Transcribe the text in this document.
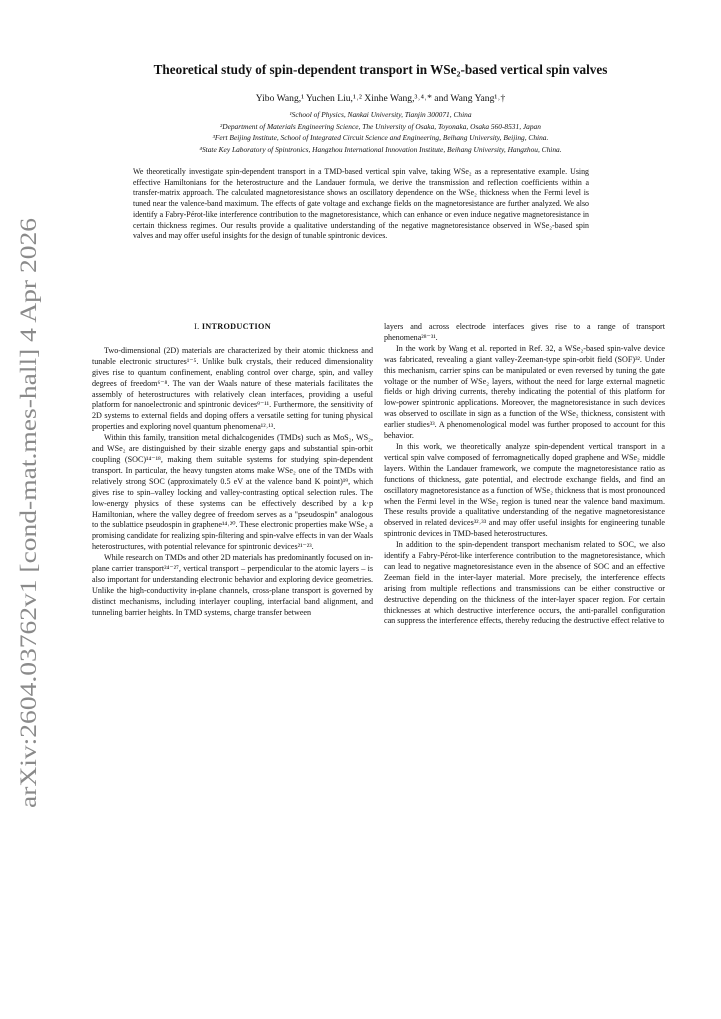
arXiv:2604.03762v1 [cond-mat.mes-hall] 4 Apr 2026
Theoretical study of spin-dependent transport in WSe₂-based vertical spin valves
Yibo Wang,¹ Yuchen Liu,¹˒² Xinhe Wang,³˒⁴˒* and Wang Yang¹˒†
¹School of Physics, Nankai University, Tianjin 300071, China
²Department of Materials Engineering Science, The University of Osaka, Toyonaka, Osaka 560-8531, Japan
³Fert Beijing Institute, School of Integrated Circuit Science and Engineering, Beihang University, Beijing, China.
⁴State Key Laboratory of Spintronics, Hangzhou International Innovation Institute, Beihang University, Hangzhou, China.

We theoretically investigate spin-dependent transport in a TMD-based vertical spin valve, taking WSe₂ as a representative example. Using effective Hamiltonians for the heterostructure and the Landauer formula, we derive the transmission and reflection coefficients within a transfer-matrix approach. The calculated magnetoresistance shows an oscillatory dependence on the WSe₂ thickness when the Fermi level is tuned near the valence-band maximum. The effects of gate voltage and exchange fields on the magnetoresistance are further analyzed. We also identify a Fabry-Pérot-like interference contribution to the magnetoresistance, which can enhance or even induce negative magnetoresistance in certain thickness regimes. Our results provide a qualitative understanding of the negative magnetoresistance observed in WSe₂-based spin valves and may offer useful insights for the design of tunable spintronic devices.

I. INTRODUCTION

Two-dimensional (2D) materials are characterized by their atomic thickness and tunable electronic structures¹⁻⁵. Unlike bulk crystals, their reduced dimensionality gives rise to quantum confinement, enabling control over charge, spin, and valley degrees of freedom⁶⁻⁸. The van der Waals nature of these materials facilitates the assembly of heterostructures with relatively clean interfaces, providing a useful platform for nanoelectronic and spintronic devices⁹⁻¹¹. Furthermore, the sensitivity of 2D systems to external fields and doping offers a versatile setting for tuning physical properties and exploring novel quantum phenomena¹²˒¹³.

Within this family, transition metal dichalcogenides (TMDs) such as MoS₂, WS₂, and WSe₂ are distinguished by their sizable energy gaps and substantial spin-orbit coupling (SOC)¹⁴⁻¹⁸, making them suitable systems for studying spin-dependent transport. In particular, the heavy tungsten atoms make WSe₂ one of the TMDs with relatively strong SOC (approximately 0.5 eV at the valence band K point)¹⁹, which gives rise to spin–valley locking and valley-contrasting optical selection rules. The low-energy physics of these systems can be effectively described by a k·p Hamiltonian, where the valley degree of freedom serves as a "pseudospin" analogous to the sublattice pseudospin in graphene¹⁴˒²⁰. These electronic properties make WSe₂ a promising candidate for realizing spin-filtering and spin-valve effects in van der Waals heterostructures, with potential relevance for spintronic devices²¹⁻²³.

While research on TMDs and other 2D materials has predominantly focused on in-plane carrier transport²⁴⁻²⁷, vertical transport – perpendicular to the atomic layers – is also important for understanding electronic behavior and exploring device geometries. Unlike the high-conductivity in-plane channels, cross-plane transport is governed by distinct mechanisms, including interlayer coupling, interfacial band alignment, and tunneling barrier heights. In TMD systems, charge transfer between

layers and across electrode interfaces gives rise to a range of transport phenomena²⁸⁻³¹.

In the work by Wang et al. reported in Ref. 32, a WSe₂-based spin-valve device was fabricated, revealing a giant valley-Zeeman-type spin-orbit field (SOF)³². Under this mechanism, carrier spins can be manipulated or even reversed by tuning the gate voltage or the number of WSe₂ layers, without the need for large external magnetic fields or high driving currents, thereby indicating the potential of this platform for low-power spintronic applications. Moreover, the magnetoresistance in such devices was observed to oscillate in sign as a function of the WSe₂ thickness, consistent with earlier studies³³. A phenomenological model was further proposed to account for this behavior.

In this work, we theoretically analyze spin-dependent vertical transport in a vertical spin valve composed of ferromagnetically doped graphene and WSe₂ middle layers. Within the Landauer framework, we compute the magnetoresistance ratio as functions of thickness, gate potential, and electrode exchange fields, and find an oscillatory magnetoresistance as a function of WSe₂ thickness that is most pronounced when the Fermi level in the WSe₂ region is tuned near the valence band maximum. These results provide a qualitative understanding of the negative magnetoresistance observed in related devices³²˒³³ and may offer useful insights for engineering tunable spintronic devices in TMD-based heterostructures.

In addition to the spin-dependent transport mechanism related to SOC, we also identify a Fabry-Pérot-like interference contribution to the magnetoresistance, which can lead to negative magnetoresistance even in the absence of SOC and an effective Zeeman field in the inter-layer material. More precisely, the interference effects arising from multiple reflections and transmissions can be either constructive or destructive depending on the thickness of the inter-layer spacer region. For certain thicknesses at which destructive interference occurs, the anti-parallel configuration can suppress the interference effects, thereby reducing the destructive effect relative to
